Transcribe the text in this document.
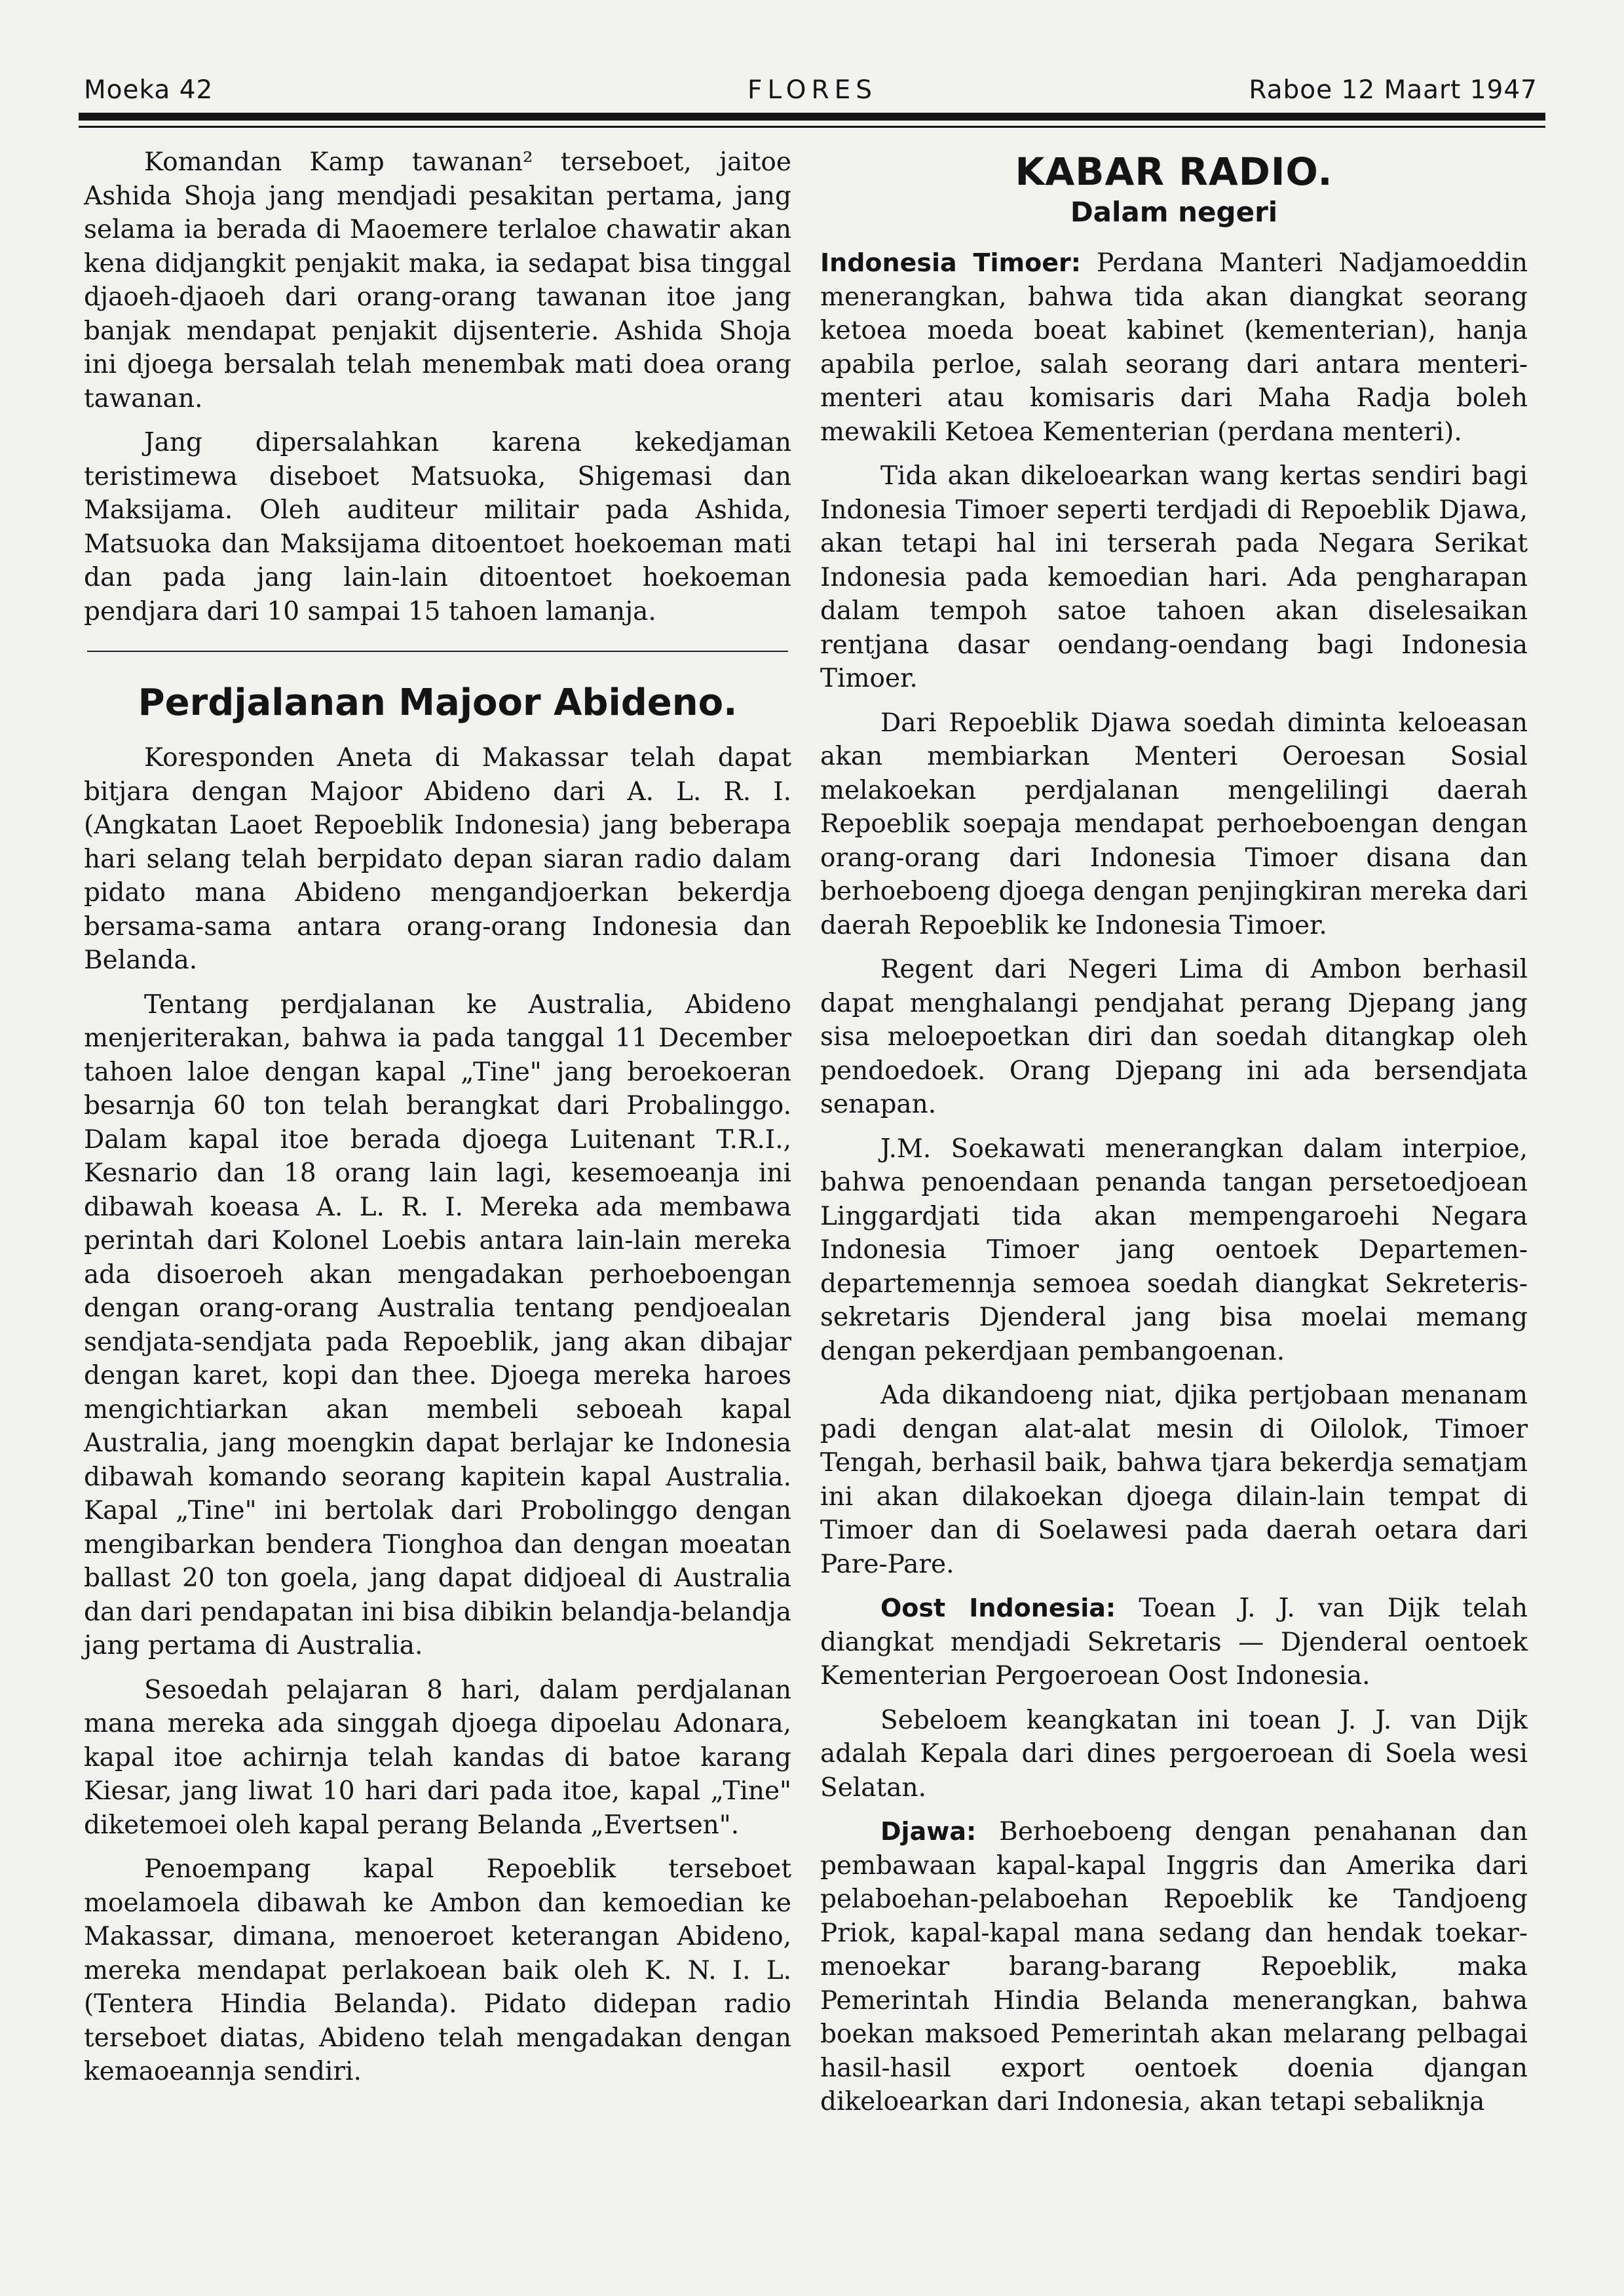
Moeka 42	FLORES	Raboe 12 Maart 1947

Komandan Kamp tawanan² terseboet, jaitoe Ashida Shoja jang mendjadi pesakitan pertama, jang selama ia berada di Maoemere terlaloe chawatir akan kena didjangkit penjakit maka, ia sedapat bisa tinggal djaoeh-djaoeh dari orang-orang tawanan itoe jang banjak mendapat penjakit dijsenterie. Ashida Shoja ini djoega bersalah telah menembak mati doea orang tawanan.

Jang dipersalahkan karena kekedjaman teristimewa diseboet Matsuoka, Shigemasi dan Maksijama. Oleh auditeur militair pada Ashida, Matsuoka dan Maksijama ditoentoet hoekoeman mati dan pada jang lain-lain ditoentoet hoekoeman pendjara dari 10 sampai 15 tahoen lamanja.

Perdjalanan Majoor Abideno.

Koresponden Aneta di Makassar telah dapat bitjara dengan Majoor Abideno dari A. L. R. I. (Angkatan Laoet Repoeblik Indonesia) jang beberapa hari selang telah berpidato depan siaran radio dalam pidato mana Abideno mengandjoerkan bekerdja bersama-sama antara orang-orang Indonesia dan Belanda.

Tentang perdjalanan ke Australia, Abideno menjeriterakan, bahwa ia pada tanggal 11 December tahoen laloe dengan kapal „Tine" jang beroekoeran besarnja 60 ton telah berangkat dari Probalinggo. Dalam kapal itoe berada djoega Luitenant T.R.I., Kesnario dan 18 orang lain lagi, kesemoeanja ini dibawah koeasa A. L. R. I. Mereka ada membawa perintah dari Kolonel Loebis antara lain-lain mereka ada disoeroeh akan mengadakan perhoeboengan dengan orang-orang Australia tentang pendjoealan sendjata-sendjata pada Repoeblik, jang akan dibajar dengan karet, kopi dan thee. Djoega mereka haroes mengichtiarkan akan membeli seboeah kapal Australia, jang moengkin dapat berlajar ke Indonesia dibawah komando seorang kapitein kapal Australia. Kapal „Tine" ini bertolak dari Probolinggo dengan mengibarkan bendera Tionghoa dan dengan moeatan ballast 20 ton goela, jang dapat didjoeal di Australia dan dari pendapatan ini bisa dibikin belandja-belandja jang pertama di Australia.

Sesoedah pelajaran 8 hari, dalam perdjalanan mana mereka ada singgah djoega dipoelau Adonara, kapal itoe achirnja telah kandas di batoe karang Kiesar, jang liwat 10 hari dari pada itoe, kapal „Tine" diketemoei oleh kapal perang Belanda „Evertsen".

Penoempang kapal Repoeblik terseboet moelamoela dibawah ke Ambon dan kemoedian ke Makassar, dimana, menoeroet keterangan Abideno, mereka mendapat perlakoean baik oleh K. N. I. L. (Tentera Hindia Belanda). Pidato didepan radio terseboet diatas, Abideno telah mengadakan dengan kemaoeannja sendiri.

KABAR RADIO.
Dalam negeri

Indonesia Timoer: Perdana Manteri Nadjamoeddin menerangkan, bahwa tida akan diangkat seorang ketoea moeda boeat kabinet (kementerian), hanja apabila perloe, salah seorang dari antara menteri-menteri atau komisaris dari Maha Radja boleh mewakili Ketoea Kementerian (perdana menteri).

Tida akan dikeloearkan wang kertas sendiri bagi Indonesia Timoer seperti terdjadi di Repoeblik Djawa, akan tetapi hal ini terserah pada Negara Serikat Indonesia pada kemoedian hari. Ada pengharapan dalam tempoh satoe tahoen akan diselesaikan rentjana dasar oendang-oendang bagi Indonesia Timoer.

Dari Repoeblik Djawa soedah diminta keloeasan akan membiarkan Menteri Oeroesan Sosial melakoekan perdjalanan mengelilingi daerah Repoeblik soepaja mendapat perhoeboengan dengan orang-orang dari Indonesia Timoer disana dan berhoeboeng djoega dengan penjingkiran mereka dari daerah Repoeblik ke Indonesia Timoer.

Regent dari Negeri Lima di Ambon berhasil dapat menghalangi pendjahat perang Djepang jang sisa meloepoetkan diri dan soedah ditangkap oleh pendoedoek. Orang Djepang ini ada bersendjata senapan.

J.M. Soekawati menerangkan dalam interpioe, bahwa penoendaan penanda tangan persetoedjoean Linggardjati tida akan mempengaroehi Negara Indonesia Timoer jang oentoek Departemen-departemennja semoea soedah diangkat Sekreteris-sekretaris Djenderal jang bisa moelai memang dengan pekerdjaan pembangoenan.

Ada dikandoeng niat, djika pertjobaan menanam padi dengan alat-alat mesin di Oilolok, Timoer Tengah, berhasil baik, bahwa tjara bekerdja sematjam ini akan dilakoekan djoega dilain-lain tempat di Timoer dan di Soelawesi pada daerah oetara dari Pare-Pare.

Oost Indonesia: Toean J. J. van Dijk telah diangkat mendjadi Sekretaris — Djenderal oentoek Kementerian Pergoeroean Oost Indonesia.

Sebeloem keangkatan ini toean J. J. van Dijk adalah Kepala dari dines pergoeroean di Soela wesi Selatan.

Djawa: Berhoeboeng dengan penahanan dan pembawaan kapal-kapal Inggris dan Amerika dari pelaboehan-pelaboehan Repoeblik ke Tandjoeng Priok, kapal-kapal mana sedang dan hendak toekar-menoekar barang-barang Repoeblik, maka Pemerintah Hindia Belanda menerangkan, bahwa boekan maksoed Pemerintah akan melarang pelbagai hasil-hasil export oentoek doenia djangan dikeloearkan dari Indonesia, akan tetapi sebaliknja
